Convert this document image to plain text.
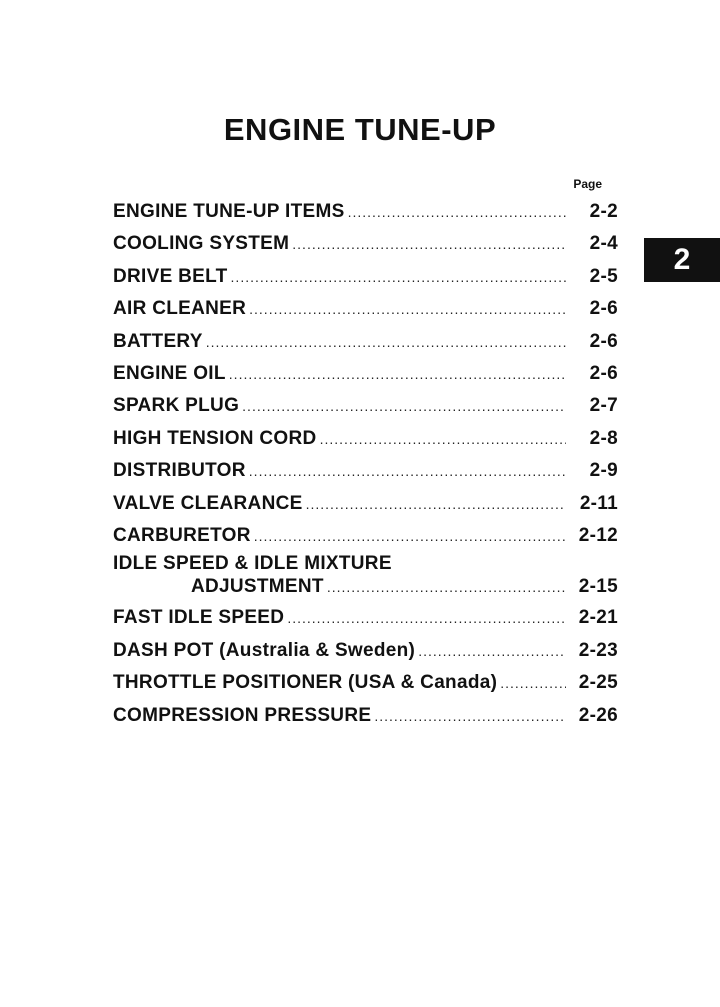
ENGINE TUNE-UP
Page
2
ENGINE TUNE-UP ITEMS .....	2-2
COOLING SYSTEM .....	2-4
DRIVE BELT .....	2-5
AIR CLEANER .....	2-6
BATTERY .....	2-6
ENGINE OIL .....	2-6
SPARK PLUG .....	2-7
HIGH TENSION CORD .....	2-8
DISTRIBUTOR .....	2-9
VALVE CLEARANCE .....	2-11
CARBURETOR .....	2-12
IDLE SPEED & IDLE MIXTURE
ADJUSTMENT .....	2-15
FAST IDLE SPEED .....	2-21
DASH POT (Australia & Sweden) .....	2-23
THROTTLE POSITIONER (USA & Canada) .....	2-25
COMPRESSION PRESSURE .....	2-26
